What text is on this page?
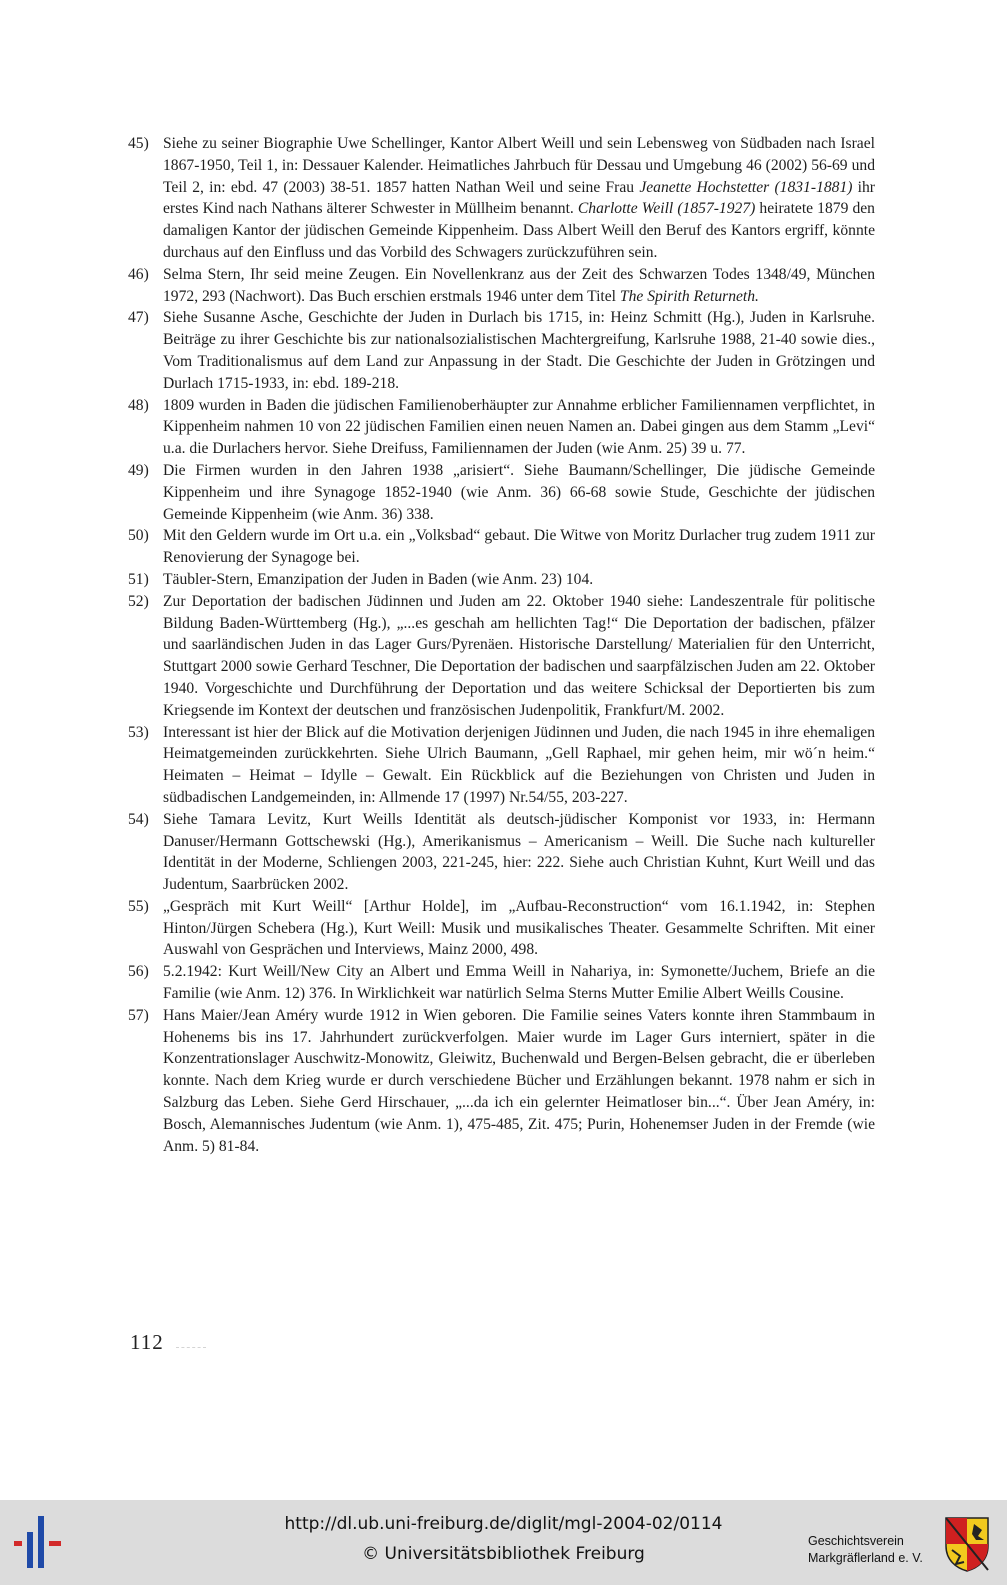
45) Siehe zu seiner Biographie Uwe Schellinger, Kantor Albert Weill und sein Lebensweg von Südbaden nach Israel 1867-1950, Teil 1, in: Dessauer Kalender. Heimatliches Jahrbuch für Dessau und Umgebung 46 (2002) 56-69 und Teil 2, in: ebd. 47 (2003) 38-51. 1857 hatten Nathan Weil und seine Frau Jeanette Hochstetter (1831-1881) ihr erstes Kind nach Nathans älterer Schwester in Müllheim benannt. Charlotte Weill (1857-1927) heiratete 1879 den damaligen Kantor der jüdischen Gemeinde Kippenheim. Dass Albert Weill den Beruf des Kantors ergriff, könnte durchaus auf den Einfluss und das Vorbild des Schwagers zurückzuführen sein.
46) Selma Stern, Ihr seid meine Zeugen. Ein Novellenkranz aus der Zeit des Schwarzen Todes 1348/49, München 1972, 293 (Nachwort). Das Buch erschien erstmals 1946 unter dem Titel The Spirith Returneth.
47) Siehe Susanne Asche, Geschichte der Juden in Durlach bis 1715, in: Heinz Schmitt (Hg.), Juden in Karlsruhe. Beiträge zu ihrer Geschichte bis zur nationalsozialistischen Machtergreifung, Karlsruhe 1988, 21-40 sowie dies., Vom Traditionalismus auf dem Land zur Anpassung in der Stadt. Die Geschichte der Juden in Grötzingen und Durlach 1715-1933, in: ebd. 189-218.
48) 1809 wurden in Baden die jüdischen Familienoberhäupter zur Annahme erblicher Familiennamen verpflichtet, in Kippenheim nahmen 10 von 22 jüdischen Familien einen neuen Namen an. Dabei gingen aus dem Stamm „Levi“ u.a. die Durlachers hervor. Siehe Dreifuss, Familiennamen der Juden (wie Anm. 25) 39 u. 77.
49) Die Firmen wurden in den Jahren 1938 „arisiert“. Siehe Baumann/Schellinger, Die jüdische Gemeinde Kippenheim und ihre Synagoge 1852-1940 (wie Anm. 36) 66-68 sowie Stude, Geschichte der jüdischen Gemeinde Kippenheim (wie Anm. 36) 338.
50) Mit den Geldern wurde im Ort u.a. ein „Volksbad“ gebaut. Die Witwe von Moritz Durlacher trug zudem 1911 zur Renovierung der Synagoge bei.
51) Täubler-Stern, Emanzipation der Juden in Baden (wie Anm. 23) 104.
52) Zur Deportation der badischen Jüdinnen und Juden am 22. Oktober 1940 siehe: Landeszentrale für politische Bildung Baden-Württemberg (Hg.), „...es geschah am hellichten Tag!“ Die Deportation der badischen, pfälzer und saarländischen Juden in das Lager Gurs/Pyrenäen. Historische Darstellung/ Materialien für den Unterricht, Stuttgart 2000 sowie Gerhard Teschner, Die Deportation der badischen und saarpfälzischen Juden am 22. Oktober 1940. Vorgeschichte und Durchführung der Deportation und das weitere Schicksal der Deportierten bis zum Kriegsende im Kontext der deutschen und französischen Judenpolitik, Frankfurt/M. 2002.
53) Interessant ist hier der Blick auf die Motivation derjenigen Jüdinnen und Juden, die nach 1945 in ihre ehemaligen Heimatgemeinden zurückkehrten. Siehe Ulrich Baumann, „Gell Raphael, mir gehen heim, mir wö´n heim.“ Heimaten – Heimat – Idylle – Gewalt. Ein Rückblick auf die Beziehungen von Christen und Juden in südbadischen Landgemeinden, in: Allmende 17 (1997) Nr.54/55, 203-227.
54) Siehe Tamara Levitz, Kurt Weills Identität als deutsch-jüdischer Komponist vor 1933, in: Hermann Danuser/Hermann Gottschewski (Hg.), Amerikanismus – Americanism – Weill. Die Suche nach kultureller Identität in der Moderne, Schliengen 2003, 221-245, hier: 222. Siehe auch Christian Kuhnt, Kurt Weill und das Judentum, Saarbrücken 2002.
55) „Gespräch mit Kurt Weill“ [Arthur Holde], im „Aufbau-Reconstruction“ vom 16.1.1942, in: Stephen Hinton/Jürgen Schebera (Hg.), Kurt Weill: Musik und musikalisches Theater. Gesammelte Schriften. Mit einer Auswahl von Gesprächen und Interviews, Mainz 2000, 498.
56) 5.2.1942: Kurt Weill/New City an Albert und Emma Weill in Nahariya, in: Symonette/Juchem, Briefe an die Familie (wie Anm. 12) 376. In Wirklichkeit war natürlich Selma Sterns Mutter Emilie Albert Weills Cousine.
57) Hans Maier/Jean Améry wurde 1912 in Wien geboren. Die Familie seines Vaters konnte ihren Stammbaum in Hohenems bis ins 17. Jahrhundert zurückverfolgen. Maier wurde im Lager Gurs interniert, später in die Konzentrationslager Auschwitz-Monowitz, Gleiwitz, Buchenwald und Bergen-Belsen gebracht, die er überleben konnte. Nach dem Krieg wurde er durch verschiedene Bücher und Erzählungen bekannt. 1978 nahm er sich in Salzburg das Leben. Siehe Gerd Hirschauer, „...da ich ein gelernter Heimatloser bin...“. Über Jean Améry, in: Bosch, Alemannisches Judentum (wie Anm. 1), 475-485, Zit. 475; Purin, Hohenemser Juden in der Fremde (wie Anm. 5) 81-84.
112
http://dl.ub.uni-freiburg.de/diglit/mgl-2004-02/0114
© Universitätsbibliothek Freiburg
Geschichtsverein
Markgräflerland e. V.
